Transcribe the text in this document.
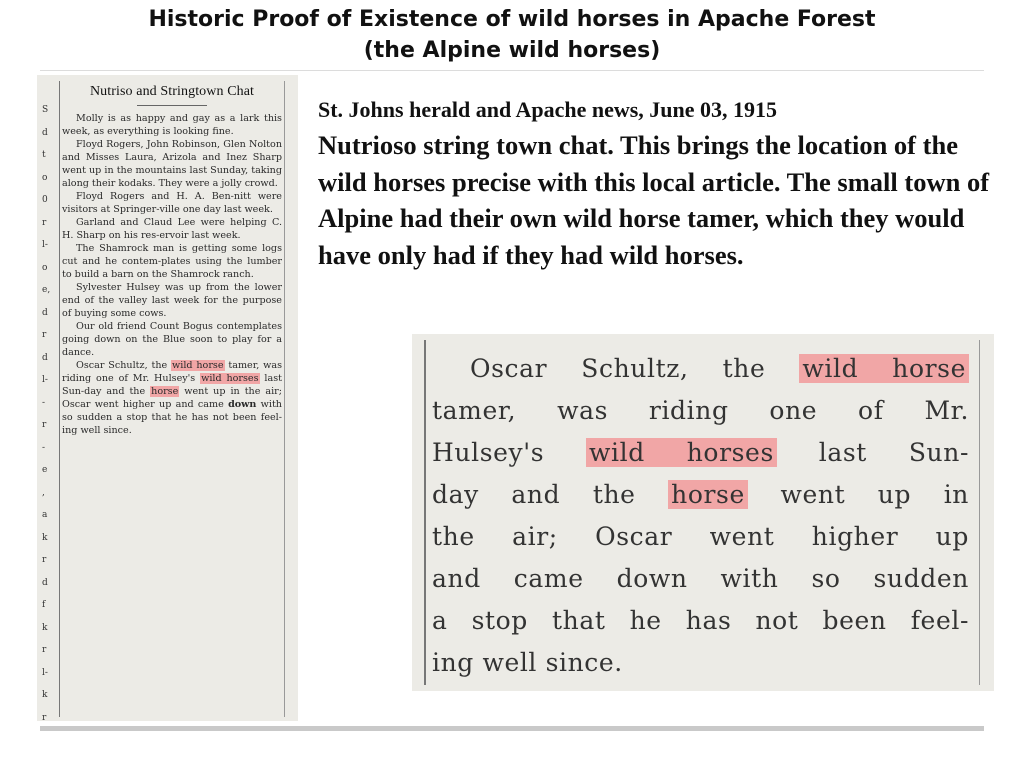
Historic Proof of Existence of wild horses in Apache Forest
(the Alpine wild horses)
S
d
t
o
0
r
l-
o
e,
d
r
d
l-
-
r
-
e
,
a
k
r
d
f
k
r
l-
k
r
Nutriso and Stringtown Chat

Molly is as happy and gay as a lark this week, as everything is looking fine.

Floyd Rogers, John Robinson, Glen Nolton and Misses Laura, Arizola and Inez Sharp went up in the mountains last Sunday, taking along their kodaks. They were a jolly crowd.

Floyd Rogers and H. A. Ben-nitt were visitors at Springer-ville one day last week.

Garland and Claud Lee were helping C. H. Sharp on his res-ervoir last week.

The Shamrock man is getting some logs cut and he contem-plates using the lumber to build a barn on the Shamrock ranch.

Sylvester Hulsey was up from the lower end of the valley last week for the purpose of buying some cows.

Our old friend Count Bogus contemplates going down on the Blue soon to play for a dance.

Oscar Schultz, the wild horse tamer, was riding one of Mr. Hulsey's wild horses last Sun-day and the horse went up in the air; Oscar went higher up and came down with so sudden a stop that he has not been feel-ing well since.

St. Johns herald and Apache news, June 03, 1915
Nutrioso string town chat. This brings the location of the wild horses precise with this local article. The small town of Alpine had their own wild horse tamer, which they would have only had if they had wild horses.
Oscar Schultz, the wild horse
tamer, was riding one of Mr.
Hulsey's wild horses last Sun-
day and the horse went up in
the air; Oscar went higher up
and came down with so sudden
a stop that he has not been feel-
ing well since.
